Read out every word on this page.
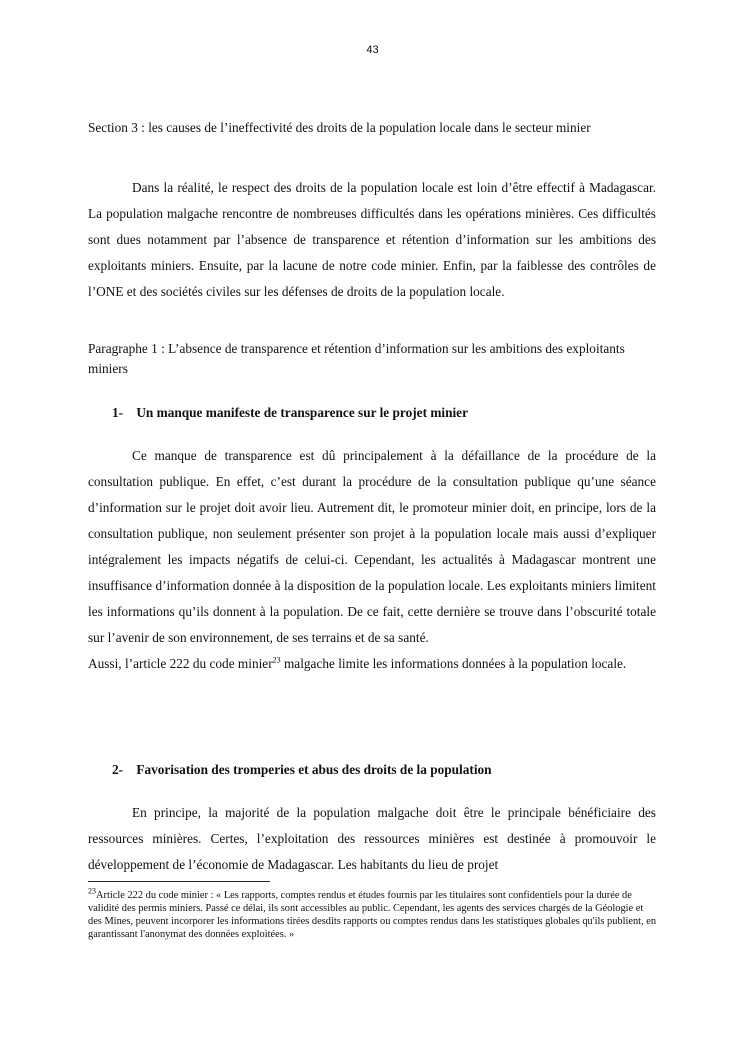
43

Section 3 : les causes de l’ineffectivité des droits de la population locale dans le secteur minier

Dans la réalité, le respect des droits de la population locale est loin d’être effectif à Madagascar. La population malgache rencontre de nombreuses difficultés dans les opérations minières. Ces difficultés sont dues notamment par l’absence de transparence et rétention d’information sur les ambitions des exploitants miniers. Ensuite, par la lacune de notre code minier. Enfin, par la faiblesse des contrôles de l’ONE et des sociétés civiles sur les défenses de droits de la population locale.

Paragraphe 1 : L’absence de transparence et rétention d’information sur les ambitions des exploitants miniers

1- Un manque manifeste de transparence sur le projet minier

Ce manque de transparence est dû principalement à la défaillance de la procédure de la consultation publique. En effet, c’est durant la procédure de la consultation publique qu’une séance d’information sur le projet doit avoir lieu. Autrement dit, le promoteur minier doit, en principe, lors de la consultation publique, non seulement présenter son projet à la population locale mais aussi d’expliquer intégralement les impacts négatifs de celui-ci. Cependant, les actualités à Madagascar montrent une insuffisance d’information donnée à la disposition de la population locale. Les exploitants miniers limitent les informations qu’ils donnent à la population. De ce fait, cette dernière se trouve dans l’obscurité totale sur l’avenir de son environnement, de ses terrains et de sa santé.

Aussi, l’article 222 du code minier$^{23}$ malgache limite les informations données à la population locale.

2- Favorisation des tromperies et abus des droits de la population

En principe, la majorité de la population malgache doit être le principale bénéficiaire des ressources minières. Certes, l’exploitation des ressources minières est destinée à promouvoir le développement de l’économie de Madagascar. Les habitants du lieu de projet

$^{23}$Article 222 du code minier : « Les rapports, comptes rendus et études fournis par les titulaires sont confidentiels pour la durée de validité des permis miniers. Passé ce délai, ils sont accessibles au public. Cependant, les agents des services chargés de la Géologie et des Mines, peuvent incorporer les informations tirées desdits rapports ou comptes rendus dans les statistiques globales qu'ils publient, en garantissant l'anonymat des données exploitées. »
